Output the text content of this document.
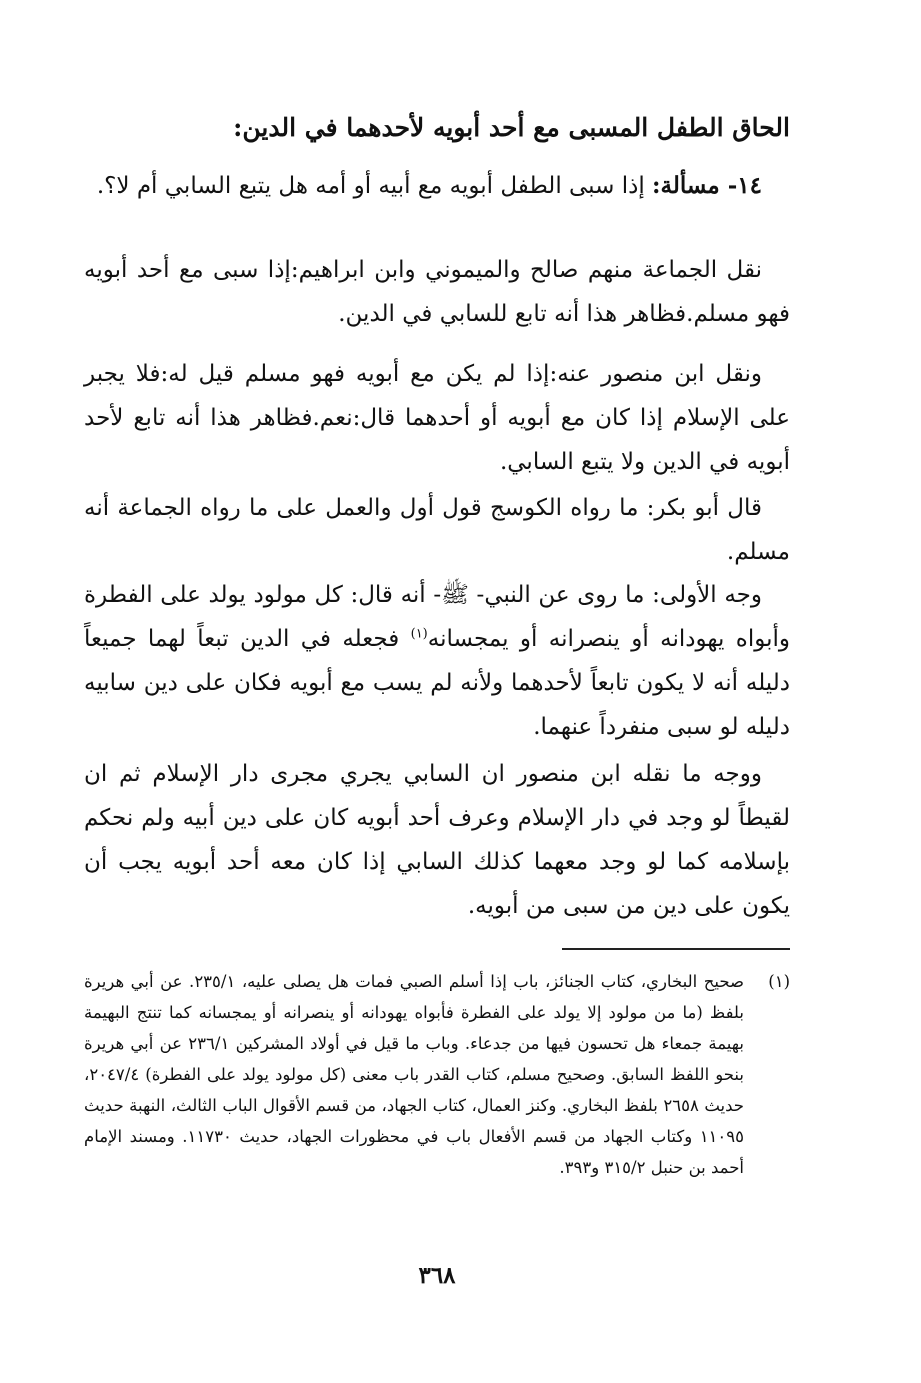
الحاق الطفل المسبى مع أحد أبويه لأحدهما في الدين:
١٤- مسألة: إذا سبى الطفل أبويه مع أبيه أو أمه هل يتبع السابي أم لا؟.
نقل الجماعة منهم صالح والميموني وابن ابراهيم:إذا سبى مع أحد أبويه فهو مسلم.فظاهر هذا أنه تابع للسابي في الدين.
ونقل ابن منصور عنه:إذا لم يكن مع أبويه فهو مسلم قيل له:فلا يجبر على الإسلام إذا كان مع أبويه أو أحدهما قال:نعم.فظاهر هذا أنه تابع لأحد أبويه في الدين ولا يتبع السابي.
قال أبو بكر: ما رواه الكوسج قول أول والعمل على ما رواه الجماعة أنه مسلم.
وجه الأولى: ما روى عن النبي- ﷺ- أنه قال: كل مولود يولد على الفطرة وأبواه يهودانه أو ينصرانه أو يمجسانه$^{(١)}$ فجعله في الدين تبعاً لهما جميعاً دليله أنه لا يكون تابعاً لأحدهما ولأنه لم يسب مع أبويه فكان على دين سابيه دليله لو سبى منفرداً عنهما.
ووجه ما نقله ابن منصور ان السابي يجري مجرى دار الإسلام ثم ان لقيطاً لو وجد في دار الإسلام وعرف أحد أبويه كان على دين أبيه ولم نحكم بإسلامه كما لو وجد معهما كذلك السابي إذا كان معه أحد أبويه يجب أن يكون على دين من سبى من أبويه.
(١)
صحيح البخاري، كتاب الجنائز، باب إذا أسلم الصبي فمات هل يصلى عليه، ٢٣٥/١. عن أبي هريرة بلفظ (ما من مولود إلا يولد على الفطرة فأبواه يهودانه أو ينصرانه أو يمجسانه كما تنتج البهيمة بهيمة جمعاء هل تحسون فيها من جدعاء. وباب ما قيل في أولاد المشركين ٢٣٦/١ عن أبي هريرة بنحو اللفظ السابق. وصحيح مسلم، كتاب القدر باب معنى (كل مولود يولد على الفطرة) ٢٠٤٧/٤، حديث ٢٦٥٨ بلفظ البخاري. وكنز العمال، كتاب الجهاد، من قسم الأقوال الباب الثالث، النهبة حديث ١١٠٩٥ وكتاب الجهاد من قسم الأفعال باب في محظورات الجهاد، حديث ١١٧٣٠. ومسند الإمام أحمد بن حنبل ٣١٥/٢ و٣٩٣.
٣٦٨
